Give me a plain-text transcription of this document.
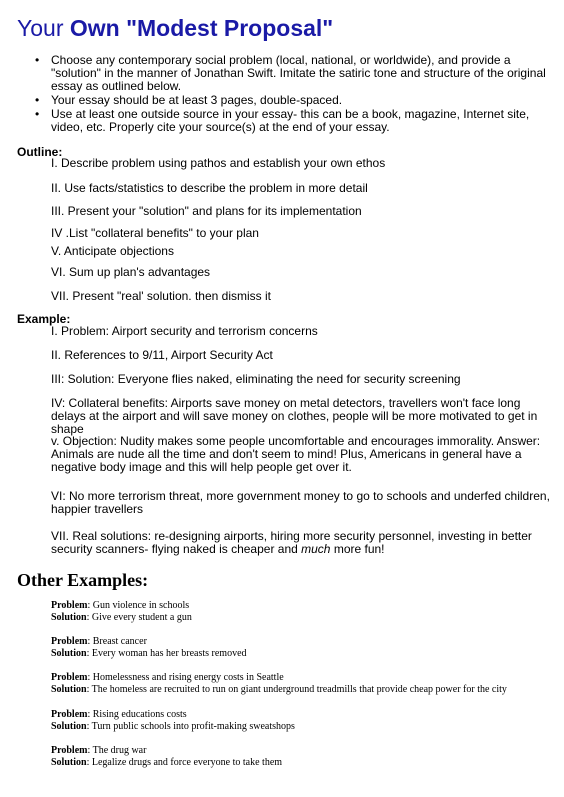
Your Own "Modest Proposal"
• Choose any contemporary social problem (local, national, or worldwide), and provide a "solution" in the manner of Jonathan Swift. Imitate the satiric tone and structure of the original essay as outlined below.
• Your essay should be at least 3 pages, double-spaced.
• Use at least one outside source in your essay- this can be a book, magazine, Internet site, video, etc. Properly cite your source(s) at the end of your essay.

Outline:

I. Describe problem using pathos and establish your own ethos

II. Use facts/statistics to describe the problem in more detail

III. Present your "solution" and plans for its implementation

IV .List "collateral benefits" to your plan

V. Anticipate objections

VI. Sum up plan's advantages

VII. Present "real' solution. then dismiss it

Example:

I. Problem: Airport security and terrorism concerns

II. References to 9/11, Airport Security Act

III: Solution: Everyone flies naked, eliminating the need for security screening

IV: Collateral benefits: Airports save money on metal detectors, travellers won't face long delays at the airport and will save money on clothes, people will be more motivated to get in shape

v. Objection: Nudity makes some people uncomfortable and encourages immorality. Answer: Animals are nude all the time and don't seem to mind! Plus, Americans in general have a negative body image and this will help people get over it.

VI: No more terrorism threat, more government money to go to schools and underfed children, happier travellers

VII. Real solutions: re-designing airports, hiring more security personnel, investing in better security scanners- flying naked is cheaper and much more fun!

Other Examples:
Problem: Gun violence in schools
Solution: Give every student a gun
Problem: Breast cancer
Solution: Every woman has her breasts removed
Problem: Homelessness and rising energy costs in Seattle
Solution: The homeless are recruited to run on giant underground treadmills that provide cheap power for the city
Problem: Rising educations costs
Solution: Turn public schools into profit-making sweatshops
Problem: The drug war
Solution: Legalize drugs and force everyone to take them
